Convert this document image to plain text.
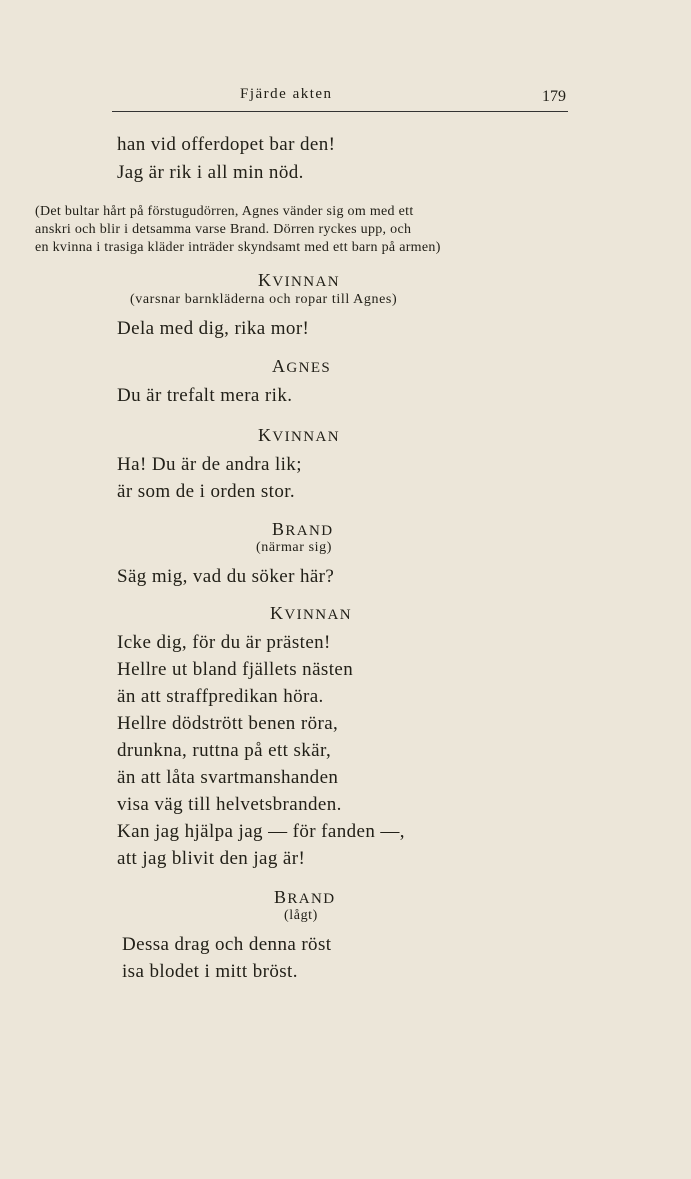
Fjärde akten	179
han vid offerdopet bar den!
Jag är rik i all min nöd.
(Det bultar hårt på förstugudörren, Agnes vänder sig om med ett
anskri och blir i detsamma varse Brand. Dörren ryckes upp, och
en kvinna i trasiga kläder inträder skyndsamt med ett barn på armen)
KVINNAN
(varsnar barnkläderna och ropar till Agnes)
Dela med dig, rika mor!
AGNES
Du är trefalt mera rik.
KVINNAN
Ha! Du är de andra lik;
är som de i orden stor.
BRAND
(närmar sig)
Säg mig, vad du söker här?
KVINNAN
Icke dig, för du är prästen!
Hellre ut bland fjällets nästen
än att straffpredikan höra.
Hellre dödstrött benen röra,
drunkna, ruttna på ett skär,
än att låta svartmanshanden
visa väg till helvetsbranden.
Kan jag hjälpa jag — för fanden —,
att jag blivit den jag är!
BRAND
(lågt)
Dessa drag och denna röst
isa blodet i mitt bröst.
